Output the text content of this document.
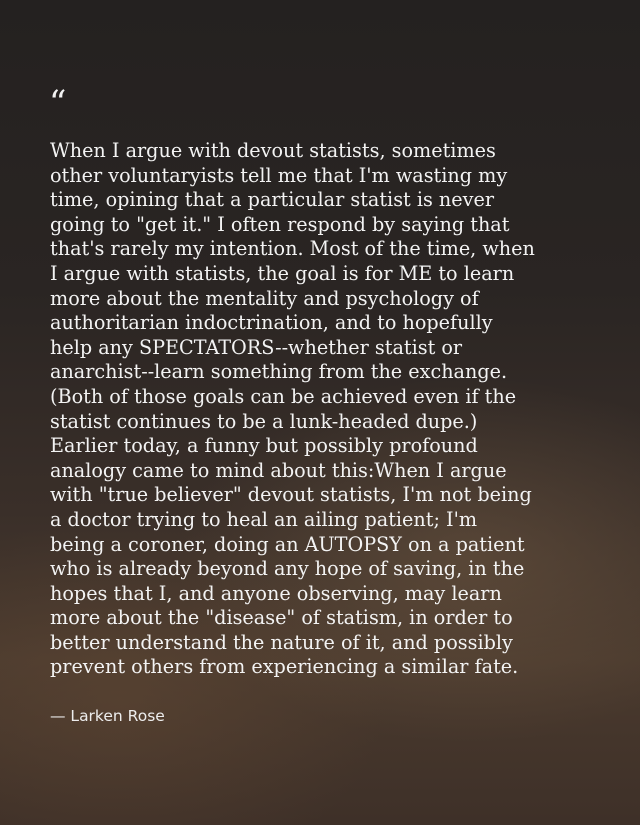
“

When I argue with devout statists, sometimes
other voluntaryists tell me that I'm wasting my
time, opining that a particular statist is never
going to "get it." I often respond by saying that
that's rarely my intention. Most of the time, when
I argue with statists, the goal is for ME to learn
more about the mentality and psychology of
authoritarian indoctrination, and to hopefully
help any SPECTATORS--whether statist or
anarchist--learn something from the exchange.
(Both of those goals can be achieved even if the
statist continues to be a lunk-headed dupe.)
Earlier today, a funny but possibly profound
analogy came to mind about this:When I argue
with "true believer" devout statists, I'm not being
a doctor trying to heal an ailing patient; I'm
being a coroner, doing an AUTOPSY on a patient
who is already beyond any hope of saving, in the
hopes that I, and anyone observing, may learn
more about the "disease" of statism, in order to
better understand the nature of it, and possibly
prevent others from experiencing a similar fate.

— Larken Rose
